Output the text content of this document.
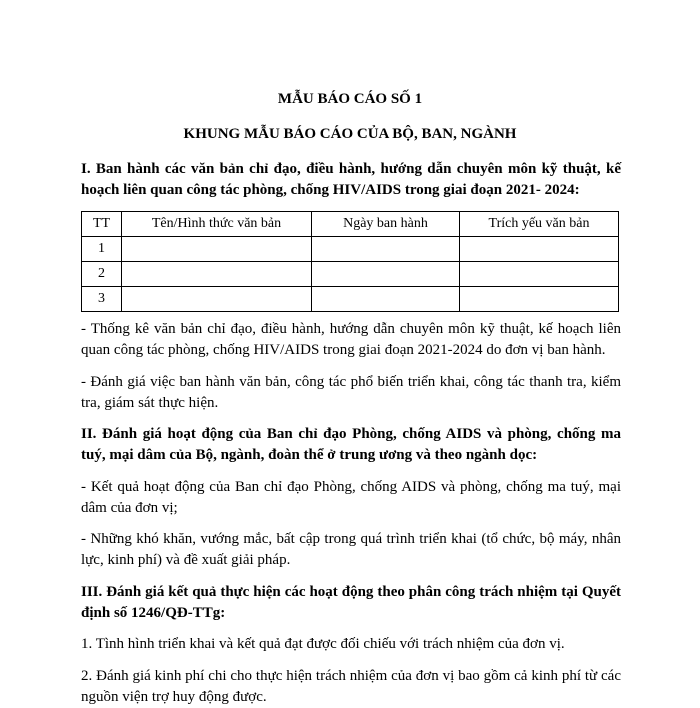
MẪU BÁO CÁO SỐ 1
KHUNG MẪU BÁO CÁO CỦA BỘ, BAN, NGÀNH
I. Ban hành các văn bản chỉ đạo, điều hành, hướng dẫn chuyên môn kỹ thuật, kế
hoạch liên quan công tác phòng, chống HIV/AIDS trong giai đoạn 2021- 2024:
TT	Tên/Hình thức văn bản	Ngày ban hành	Trích yếu văn bản
1			
2			
3			
- Thống kê văn bản chỉ đạo, điều hành, hướng dẫn chuyên môn kỹ thuật, kế hoạch liên
quan công tác phòng, chống HIV/AIDS trong giai đoạn 2021-2024 do đơn vị ban hành.
- Đánh giá việc ban hành văn bản, công tác phổ biến triển khai, công tác thanh tra, kiểm
tra, giám sát thực hiện.
II. Đánh giá hoạt động của Ban chỉ đạo Phòng, chống AIDS và phòng, chống ma
tuý, mại dâm của Bộ, ngành, đoàn thể ở trung ương và theo ngành dọc:
- Kết quả hoạt động của Ban chỉ đạo Phòng, chống AIDS và phòng, chống ma tuý, mại
dâm của đơn vị;
- Những khó khăn, vướng mắc, bất cập trong quá trình triển khai (tổ chức, bộ máy, nhân
lực, kinh phí) và đề xuất giải pháp.
III. Đánh giá kết quả thực hiện các hoạt động theo phân công trách nhiệm tại Quyết
định số 1246/QĐ-TTg:
1. Tình hình triển khai và kết quả đạt được đối chiếu với trách nhiệm của đơn vị.
2. Đánh giá kinh phí chi cho thực hiện trách nhiệm của đơn vị bao gồm cả kinh phí từ các
nguồn viện trợ huy động được.
